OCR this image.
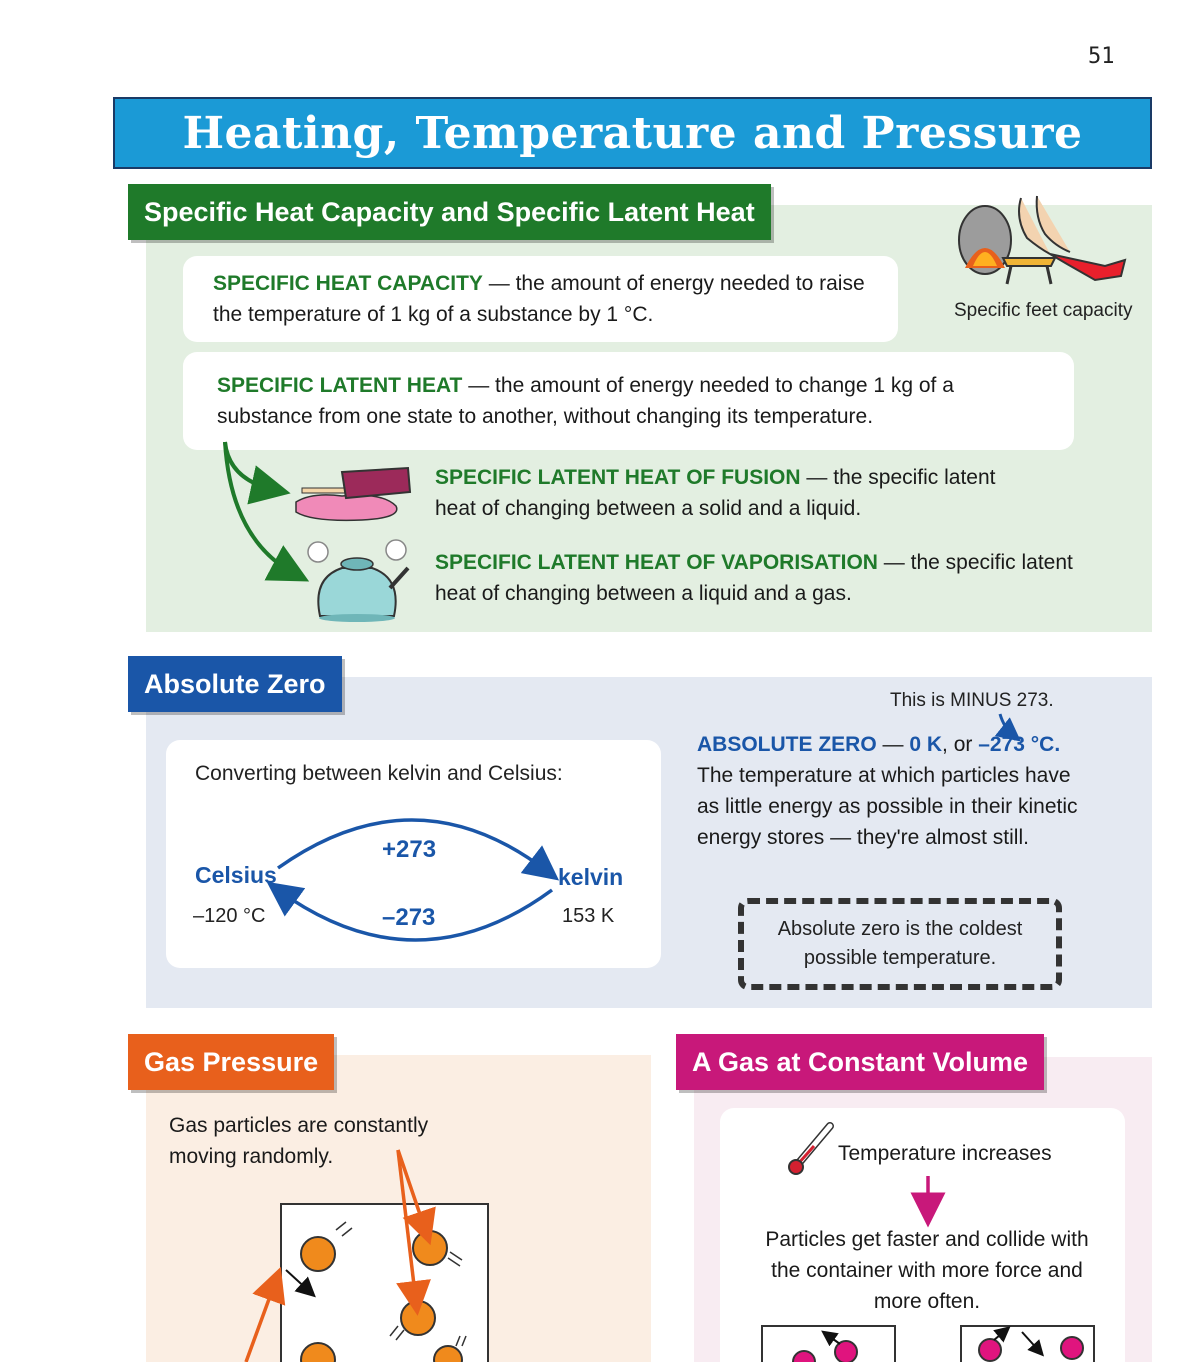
51
Heating, Temperature and Pressure
Specific Heat Capacity and Specific Latent Heat
Specific feet capacity
SPECIFIC HEAT CAPACITY — the amount of energy needed to raise the temperature of 1 kg of a substance by 1 °C.
SPECIFIC LATENT HEAT — the amount of energy needed to change 1 kg of a substance from one state to another, without changing its temperature.
SPECIFIC LATENT HEAT OF FUSION — the specific latent heat of changing between a solid and a liquid.
SPECIFIC LATENT HEAT OF VAPORISATION — the specific latent heat of changing between a liquid and a gas.
Absolute Zero
Converting between kelvin and Celsius:
+273
–273
Celsius	kelvin
–120 °C	153 K
This is MINUS 273.
ABSOLUTE ZERO — 0 K, or –273 °C.
The temperature at which particles have as little energy as possible in their kinetic energy stores — they're almost still.
Absolute zero is the coldest possible temperature.
Gas Pressure
Gas particles are constantly moving randomly.
A Gas at Constant Volume
Temperature increases
Particles get faster and collide with the container with more force and more often.
